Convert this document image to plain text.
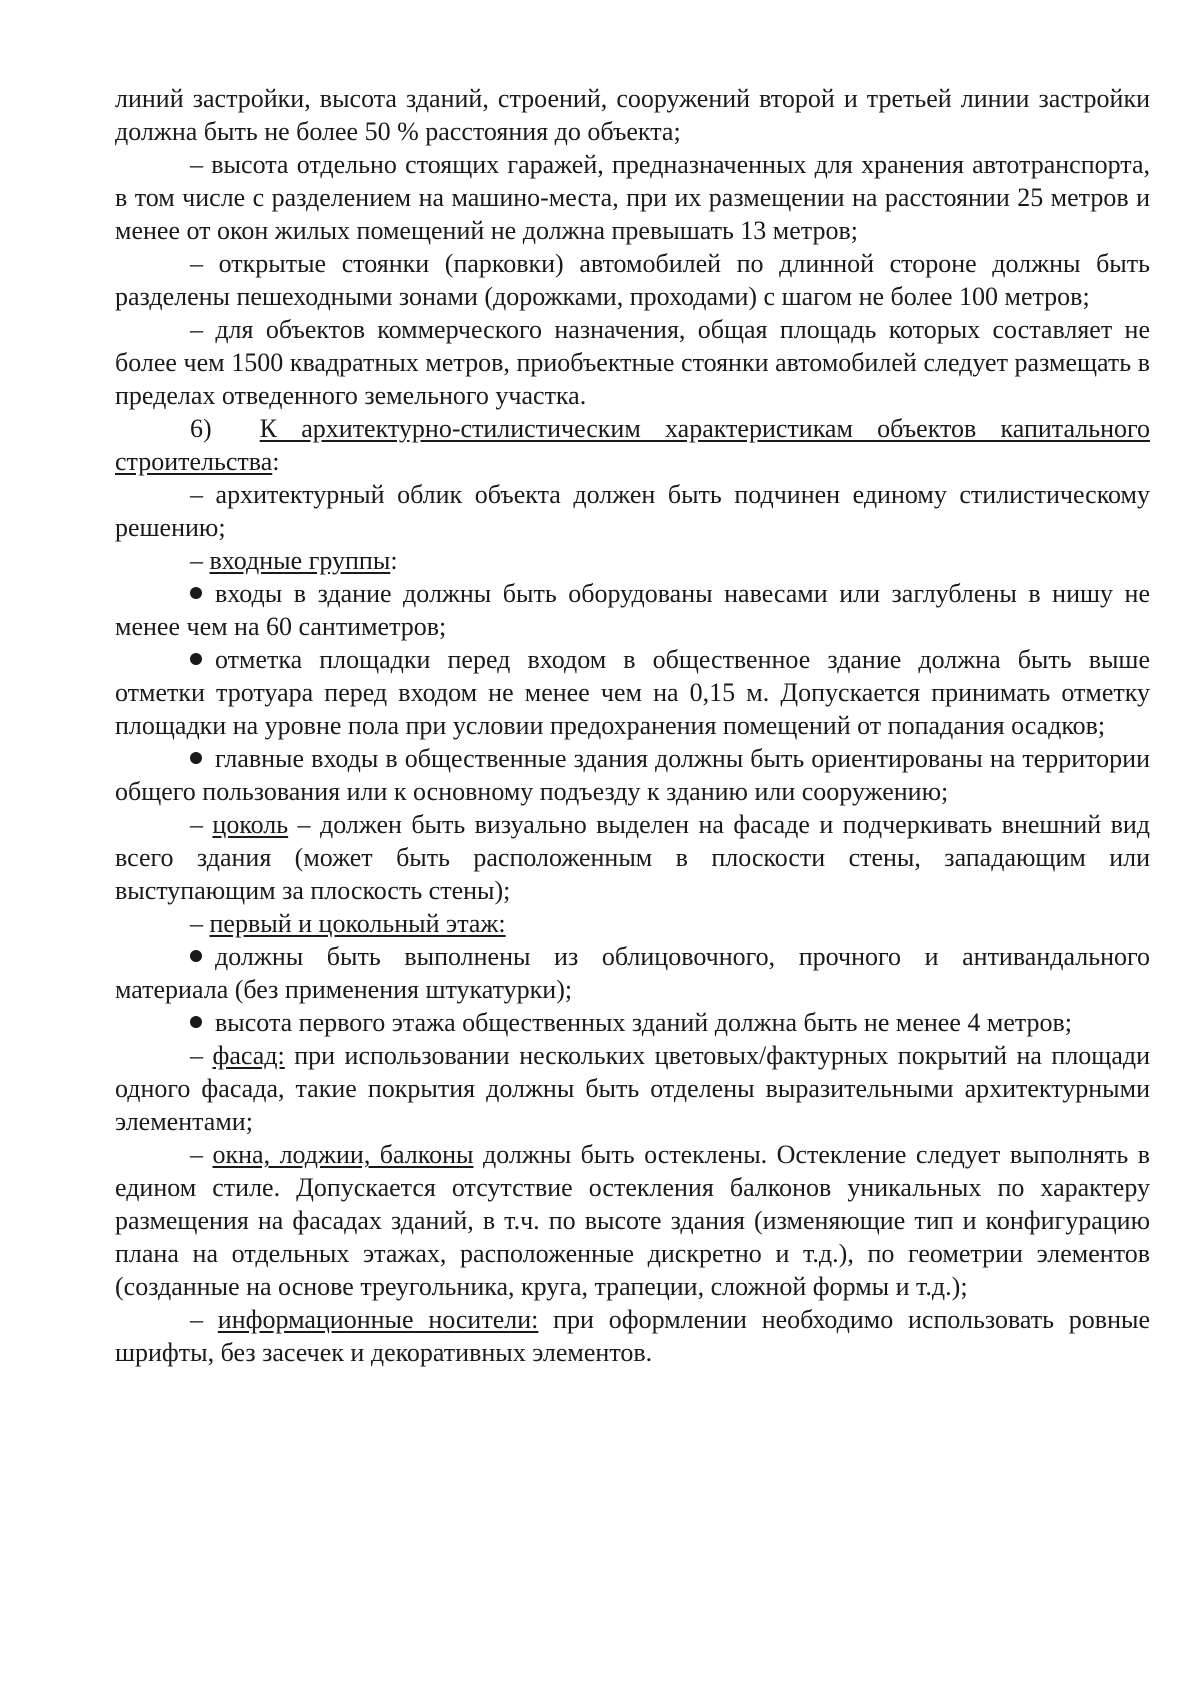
линий застройки, высота зданий, строений, сооружений второй и третьей линии застройки должна быть не более 50 % расстояния до объекта;

– высота отдельно стоящих гаражей, предназначенных для хранения автотранспорта, в том числе с разделением на машино-места, при их размещении на расстоянии 25 метров и менее от окон жилых помещений не должна превышать 13 метров;

– открытые стоянки (парковки) автомобилей по длинной стороне должны быть разделены пешеходными зонами (дорожками, проходами) с шагом не более 100 метров;

– для объектов коммерческого назначения, общая площадь которых составляет не более чем 1500 квадратных метров, приобъектные стоянки автомобилей следует размещать в пределах отведенного земельного участка.

6) К архитектурно-стилистическим характеристикам объектов капитального строительства:

– архитектурный облик объекта должен быть подчинен единому стилистическому решению;

– входные группы:

входы в здание должны быть оборудованы навесами или заглублены в нишу не менее чем на 60 сантиметров;

отметка площадки перед входом в общественное здание должна быть выше отметки тротуара перед входом не менее чем на 0,15 м. Допускается принимать отметку площадки на уровне пола при условии предохранения помещений от попадания осадков;

главные входы в общественные здания должны быть ориентированы на территории общего пользования или к основному подъезду к зданию или сооружению;

– цоколь – должен быть визуально выделен на фасаде и подчеркивать внешний вид всего здания (может быть расположенным в плоскости стены, западающим или выступающим за плоскость стены);

– первый и цокольный этаж:

должны быть выполнены из облицовочного, прочного и антивандального материала (без применения штукатурки);

высота первого этажа общественных зданий должна быть не менее 4 метров;

– фасад: при использовании нескольких цветовых/фактурных покрытий на площади одного фасада, такие покрытия должны быть отделены выразительными архитектурными элементами;

– окна, лоджии, балконы должны быть остеклены. Остекление следует выполнять в едином стиле. Допускается отсутствие остекления балконов уникальных по характеру размещения на фасадах зданий, в т.ч. по высоте здания (изменяющие тип и конфигурацию плана на отдельных этажах, расположенные дискретно и т.д.), по геометрии элементов (созданные на основе треугольника, круга, трапеции, сложной формы и т.д.);

– информационные носители: при оформлении необходимо использовать ровные шрифты, без засечек и декоративных элементов.
